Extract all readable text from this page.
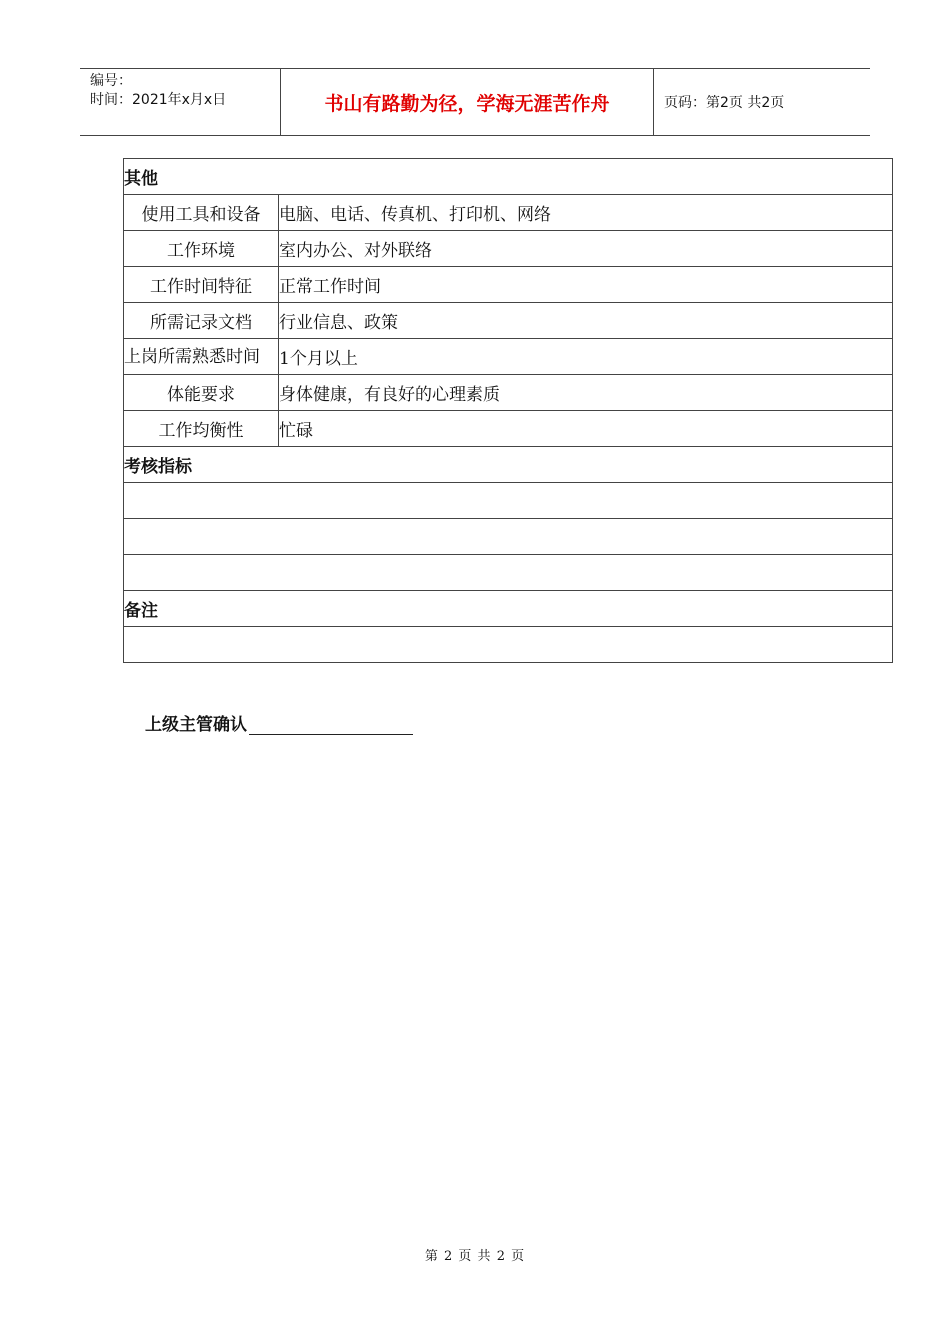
编号：
时间：2021年x月x日	书山有路勤为径，学海无涯苦作舟	页码：第2页 共2页
其他	
使用工具和设备	电脑、电话、传真机、打印机、网络
工作环境	室内办公、对外联络
工作时间特征	正常工作时间
所需记录文档	行业信息、政策
上岗所需熟悉时间	1个月以上
体能要求	身体健康，有良好的心理素质
工作均衡性	忙碌
考核指标	

备注	

上级主管确认
第 2 页 共 2 页
